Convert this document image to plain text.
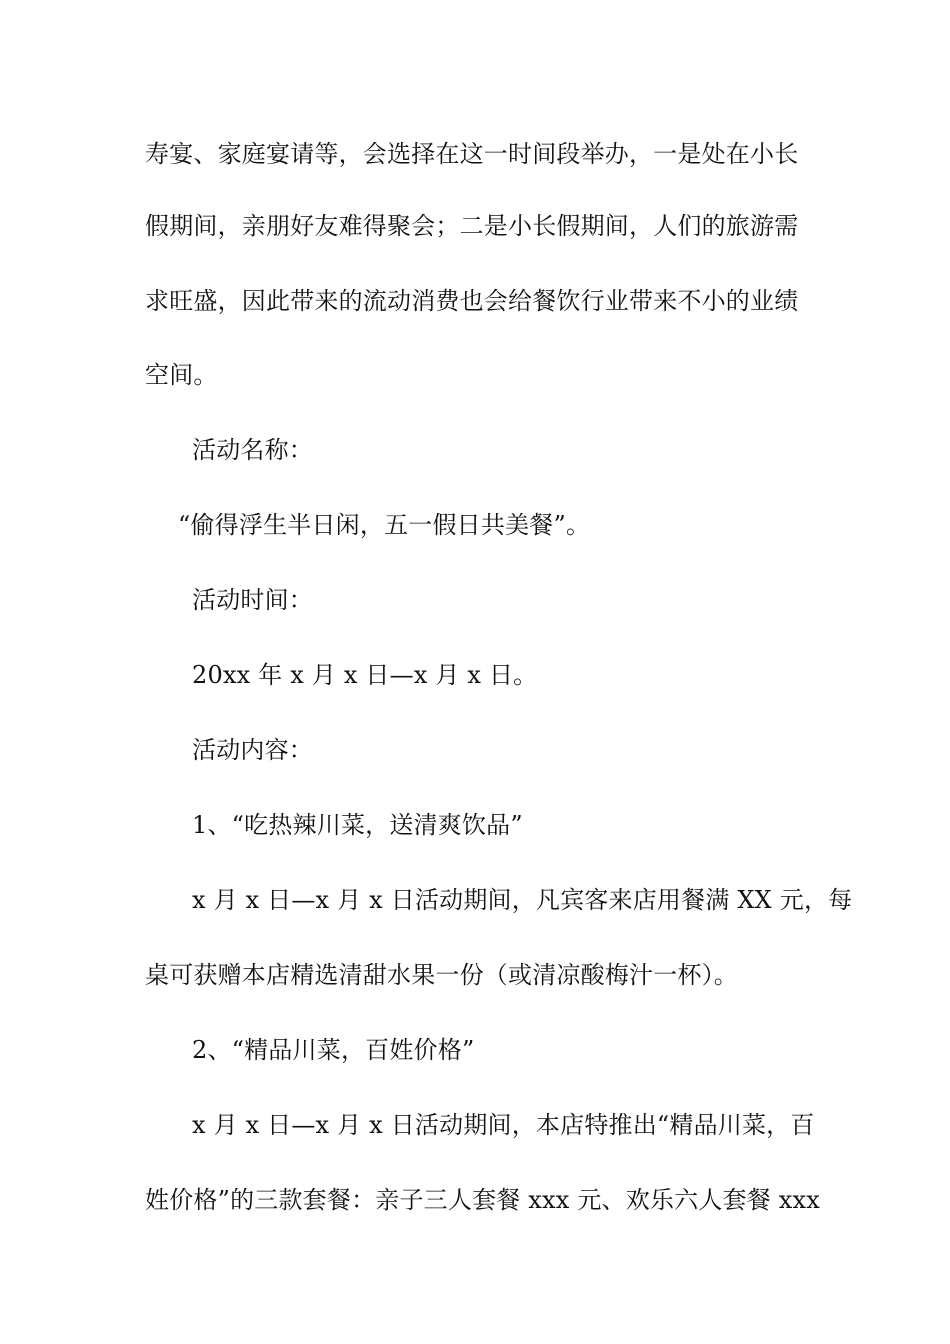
寿宴、家庭宴请等，会选择在这一时间段举办，一是处在小长
假期间，亲朋好友难得聚会；二是小长假期间，人们的旅游需
求旺盛，因此带来的流动消费也会给餐饮行业带来不小的业绩
空间。
活动名称：
“偷得浮生半日闲，五一假日共美餐”。
活动时间：
20xx 年 x 月 x 日—x 月 x 日。
活动内容：
1、“吃热辣川菜，送清爽饮品”
x 月 x 日—x 月 x 日活动期间，凡宾客来店用餐满 XX 元，每
桌可获赠本店精选清甜水果一份（或清凉酸梅汁一杯）。
2、“精品川菜，百姓价格”
x 月 x 日—x 月 x 日活动期间，本店特推出“精品川菜，百
姓价格”的三款套餐：亲子三人套餐 xxx 元、欢乐六人套餐 xxx
